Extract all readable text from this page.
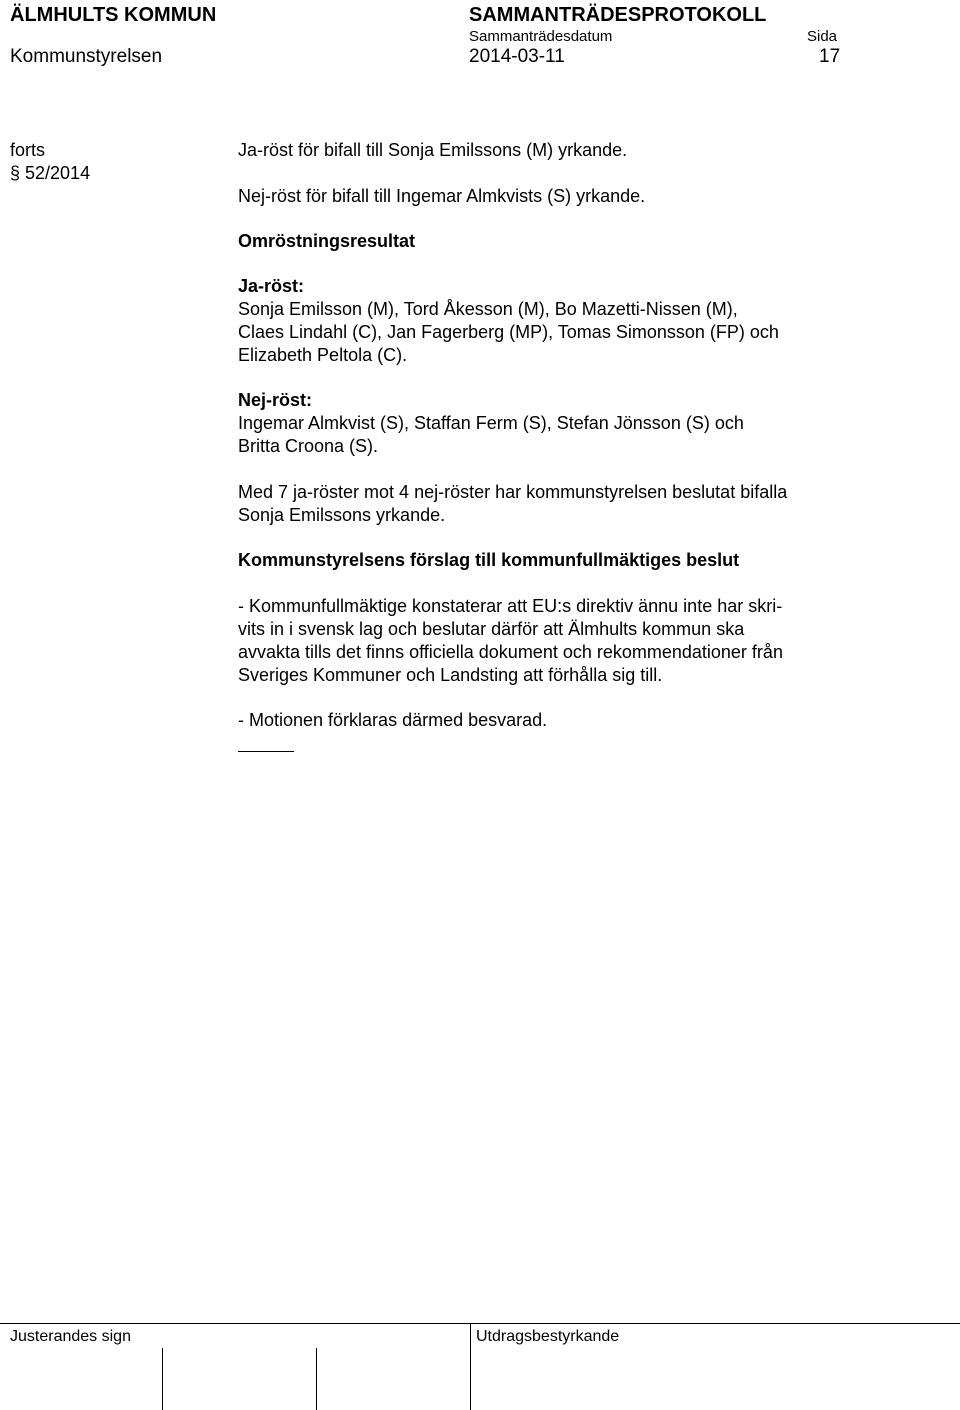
ÄLMHULTS KOMMUN	SAMMANTRÄDESPROTOKOLL
Sammanträdesdatum	Sida
Kommunstyrelsen	2014-03-11	17
forts
§ 52/2014
Ja-röst för bifall till Sonja Emilssons (M) yrkande.
Nej-röst för bifall till Ingemar Almkvists (S) yrkande.
Omröstningsresultat
Ja-röst:
Sonja Emilsson (M), Tord Åkesson (M), Bo Mazetti-Nissen (M),
Claes Lindahl (C), Jan Fagerberg (MP), Tomas Simonsson (FP) och
Elizabeth Peltola (C).
Nej-röst:
Ingemar Almkvist (S), Staffan Ferm (S), Stefan Jönsson (S) och
Britta Croona (S).
Med 7 ja-röster mot 4 nej-röster har kommunstyrelsen beslutat bifalla
Sonja Emilssons yrkande.
Kommunstyrelsens förslag till kommunfullmäktiges beslut
- Kommunfullmäktige konstaterar att EU:s direktiv ännu inte har skri-
vits in i svensk lag och beslutar därför att Älmhults kommun ska
avvakta tills det finns officiella dokument och rekommendationer från
Sveriges Kommuner och Landsting att förhålla sig till.
- Motionen förklaras därmed besvarad.
Justerandes sign	Utdragsbestyrkande
